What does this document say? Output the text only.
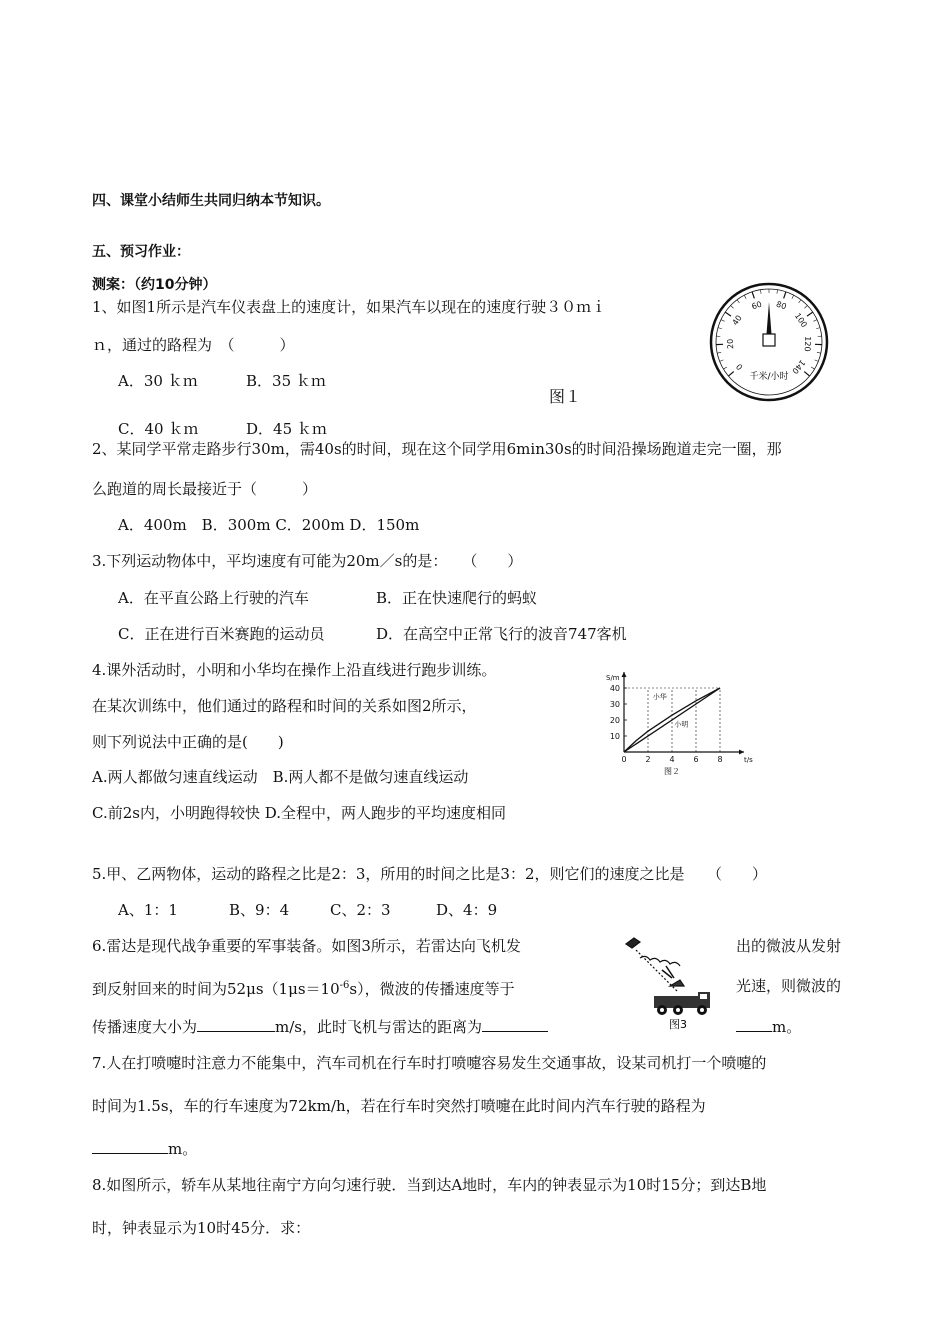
四、课堂小结师生共同归纳本节知识。
五、预习作业：
测案：（约10分钟）
1、如图1所示是汽车仪表盘上的速度计，如果汽车以现在的速度行驶３０ｍｉ
ｎ，通过的路程为　（　　　）
A．30 ｋｍ	B．35 ｋｍ
C．40 ｋｍ	D．45 ｋｍ
0
20
40
60 80
100
120
140
千米/小时
图１
2、某同学平常走路步行30m，需40s的时间，现在这个同学用6min30s的时间沿操场跑道走完一圈，那
么跑道的周长最接近于（　　　）
A．400m　B．300m C．200m D．150m
3.下列运动物体中，平均速度有可能为20m／s的是：　　（　　）
A．在平直公路上行驶的汽车	B．正在快速爬行的蚂蚁
C．正在进行百米赛跑的运动员	D．在高空中正常飞行的波音747客机
4.课外活动时，小明和小华均在操作上沿直线进行跑步训练。
在某次训练中，他们通过的路程和时间的关系如图2所示，
则下列说法中正确的是(　　)
A.两人都做匀速直线运动　B.两人都不是做匀速直线运动
C.前2s内，小明跑得较快 D.全程中，两人跑步的平均速度相同
S/m
t/s
0 2 4 6 8
10
20
30
40
小华
小明
图２
5.甲、乙两物体，运动的路程之比是2：3，所用的时间之比是3：2，则它们的速度之比是　　（　　）
A、1：1	B、9：4	C、2：3	D、4：9
6.雷达是现代战争重要的军事装备。如图3所示，若雷达向飞机发	出的微波从发射
到反射回来的时间为$52\mu s(1\mu s=10^{-6}s)$，微波的传播速度等于	光速，则微波的
传播速度大小为	m/s，此时飞机与雷达的距离为	m。
图3
7.人在打喷嚏时注意力不能集中，汽车司机在行车时打喷嚏容易发生交通事故，设某司机打一个喷嚏的
时间为1.5s，车的行车速度为72km/h，若在行车时突然打喷嚏在此时间内汽车行驶的路程为
m。
8.如图所示，轿车从某地往南宁方向匀速行驶．当到达A地时，车内的钟表显示为10时15分；到达B地
时，钟表显示为10时45分．求：
